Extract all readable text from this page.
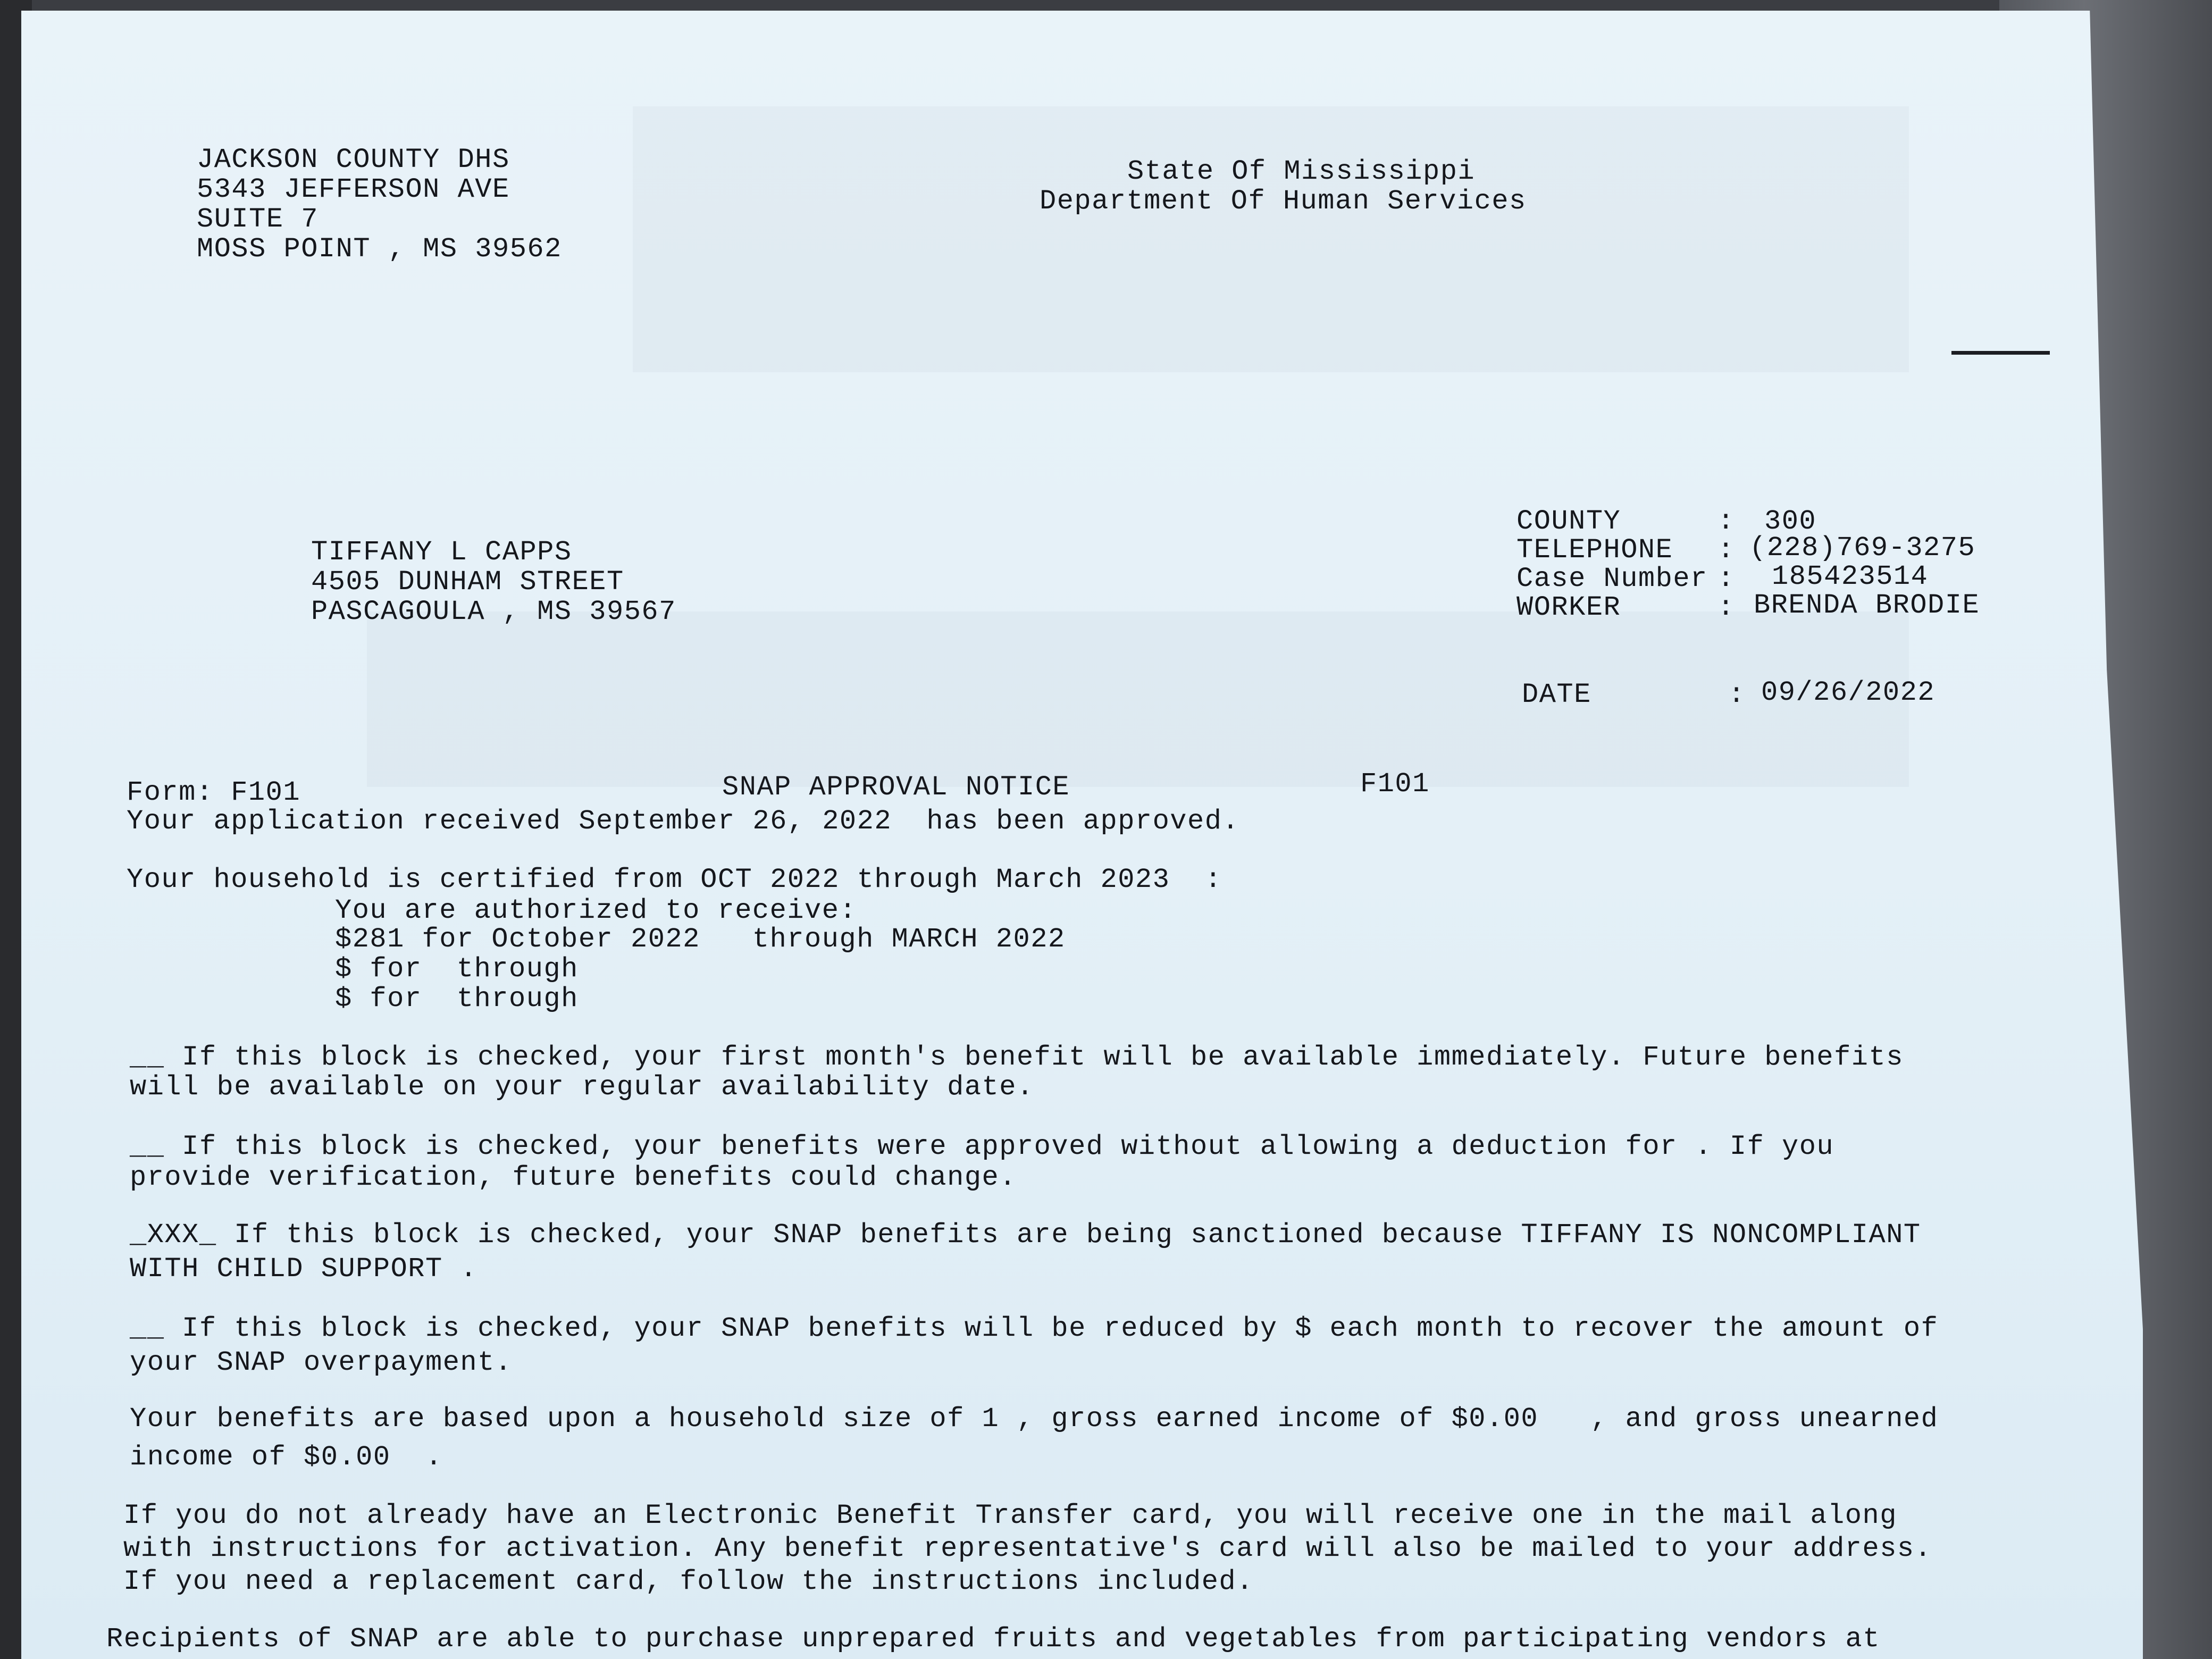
JACKSON COUNTY DHS
5343 JEFFERSON AVE
SUITE 7
MOSS POINT , MS 39562
State Of Mississippi
Department Of Human Services
TIFFANY L CAPPS
4505 DUNHAM STREET
PASCAGOULA , MS 39567
COUNTY	: 300
TELEPHONE : (228)769-3275
Case Number : 185423514
WORKER	: BRENDA BRODIE
DATE	: 09/26/2022
Form: F101	SNAP APPROVAL NOTICE	F101
Your application received September 26, 2022  has been approved.
Your household is certified from OCT 2022 through March 2023  :
You are authorized to receive:
$281 for October 2022   through MARCH 2022
$ for  through
$ for  through
__ If this block is checked, your first month's benefit will be available immediately. Future benefits
will be available on your regular availability date.
__ If this block is checked, your benefits were approved without allowing a deduction for . If you
provide verification, future benefits could change.
_XXX_ If this block is checked, your SNAP benefits are being sanctioned because TIFFANY IS NONCOMPLIANT
WITH CHILD SUPPORT .
__ If this block is checked, your SNAP benefits will be reduced by $ each month to recover the amount of
your SNAP overpayment.
Your benefits are based upon a household size of 1 , gross earned income of $0.00   , and gross unearned
income of $0.00  .
If you do not already have an Electronic Benefit Transfer card, you will receive one in the mail along
with instructions for activation. Any benefit representative's card will also be mailed to your address.
If you need a replacement card, follow the instructions included.
Recipients of SNAP are able to purchase unprepared fruits and vegetables from participating vendors at
